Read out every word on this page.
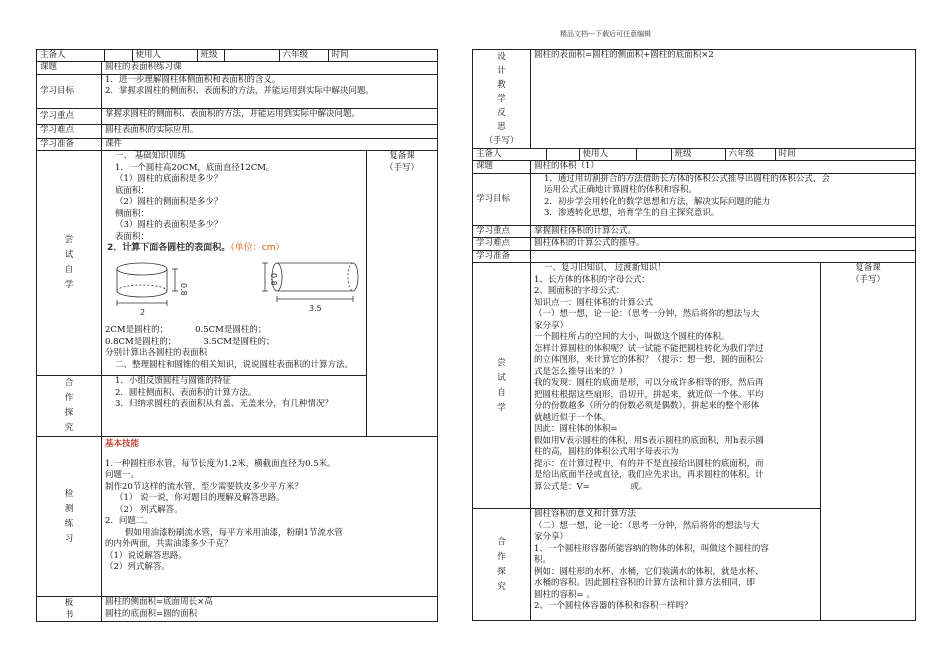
精品文档---下载后可任意编辑
主备人		使用人	班级		六年级	时间

课题	圆柱的表面积练习课
学习目标	
1．进一步理解圆柱体侧面积和表面积的含义。
2．掌握求圆柱的侧面积、表面积的方法，并能运用到实际中解决问题。

学习重点	掌握求圆柱的侧面积、表面积的方法，并能运用到实际中解决问题。
学习难点	圆柱表面积的实际应用。
学习准备	课件

尝
试
自
学

一、 基础知识训练
1．一个圆柱高20CM，底面直径12CM。
（1）圆柱的底面积是多少？
底面积：
（2）圆柱的侧面积是多少？
侧面积：
（3）圆柱的表面积是多少？
表面积：
2．计算下面各圆柱的表面积。（单位：cm）
2
0.8
0.8
3.5
2CM是圆柱的；          0.5CM是圆柱的；
0.8CM是圆柱的；          3.5CM是圆柱的；
分别计算出各圆柱的表面积
二、整理圆柱和圆锥的相关知识，说说圆柱表面积的计算方法。

复备课
（手写）

合
作
探
究

1．小组反馈圆柱与圆锥的特征
2．圆柱侧面积、表面积的计算方法。
3．归纳求圆柱的表面积从有盖、无盖来分，有几种情况？

检
测
练
习

基本技能
1.一种圆柱形水管，每节长度为1.2米，横截面直径为0.5米。
问题一。
制作20节这样的流水管，至少需要铁皮多少平方米？
（1） 说一说，你对题目的理解及解答思路。
（2） 列式解答。
2．问题二。
假如用油漆粉刷流水管，每平方米用油漆，粉刷1节流水管
的内外两面，共需油漆多少千克？
（1）说说解答思路。
（2）列式解答。

板
书

圆柱的侧面积=底面周长×高
圆柱的底面积=圆的面积
设
计
教
学
反
思
（手写）
	圆柱的表面积=圆柱的侧面积+圆柱的底面积×2

主备人		使用人		班级	六年级	时间

课题	圆柱的体积（1）
学习目标	
1．通过用切割拼合的方法借助长方体的体积公式推导出圆柱的体积公式，会
运用公式正确地计算圆柱的体积和容积。
2．初步学会用转化的数学思想和方法，解决实际问题的能力
3．渗透转化思想，培育学生的自主探究意识。

学习重点	掌握圆柱体积的计算公式。
学习难点	圆柱体积的计算公式的推导。
学习准备	

尝
试
自
学

一、复习旧知识、 过渡新知识！
1、长方体的体积的字母公式：
2、圆面积的字母公式：
知识点一：圆柱体积的计算公式
（一）想一想，论一论：（思考一分钟，然后将你的想法与大
家分享）
一个圆柱所占的空间的大小，叫做这个圆柱的体积。
怎样计算圆柱的体积呢？试一试能不能把圆柱转化为我们学过
的立体图形，来计算它的体积？（提示：想一想，圆的面积公
式是怎么推导出来的？）
我的发现：圆柱的底面是形，可以分成许多相等的形，然后再
把圆柱根据这些扇形，沿切开，拼起来，就近似一个体。平均
分的份数越多（所分的份数必须是偶数），拼起来的整个形体
就越近似于一个体。
因此：圆柱体的体积=
假如用V表示圆柱的体积，用S表示圆柱的底面积，用h表示圆
柱的高，圆柱的体积公式用字母表示为
提示：在计算过程中，有的并不是直接给出圆柱的底面积，而
是给出底面半径或直径，我们应先求出，再求圆柱的体积。计
算公式是：V=               或。

复备课
（手写）

合
作
探
究

圆柱容积的意义和计算方法
（二）想一想，论一论：（思考一分钟，然后将你的想法与大
家分享）
1、一个圆柱形容器所能容纳的物体的体积，叫做这个圆柱的容
积。
例如：圆柱形的水杯、水桶，它们装满水的体积，就是水杯、
水桶的容积。因此圆柱容积的计算方法和计算方法相同，即
圆柱的容积= 。
2、一个圆柱体容器的体积和容积一样吗？
